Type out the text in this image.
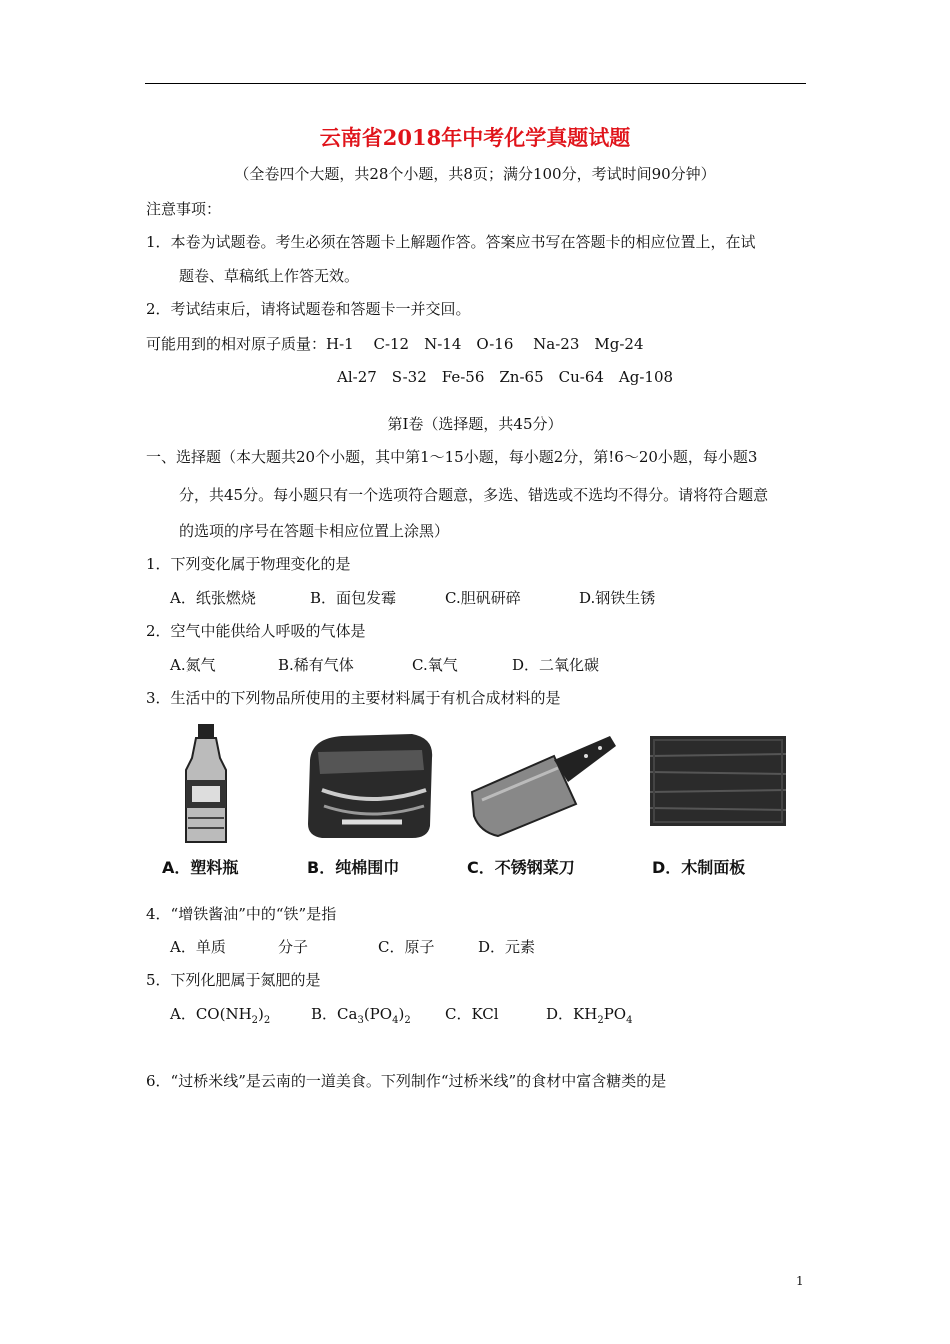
云南省2018年中考化学真题试题
（全卷四个大题，共28个小题，共8页；满分100分，考试时间90分钟）
注意事项：
1．本卷为试题卷。考生必须在答题卡上解题作答。答案应书写在答题卡的相应位置上，在试
题卷、草稿纸上作答无效。
2．考试结束后，请将试题卷和答题卡一并交回。
可能用到的相对原子质量：H-1　 C-12　N-14　O-16　 Na-23　Mg-24
Al-27　S-32　Fe-56　Zn-65　Cu-64　Ag-108
第Ⅰ卷（选择题，共45分）
一、选择题（本大题共20个小题，其中第1～15小题，每小题2分，第!6～20小题，每小题3
分，共45分。每小题只有一个选项符合题意，多选、错选或不选均不得分。请将符合题意
的选项的序号在答题卡相应位置上涂黑）
1．下列变化属于物理变化的是
A．纸张燃烧	B．面包发霉	C.胆矾研碎	D.钢铁生锈
2．空气中能供给人呼吸的气体是
A.氮气	B.稀有气体	C.氧气	D．二氧化碳
3．生活中的下列物品所使用的主要材料属于有机合成材料的是
A．塑料瓶	B．纯棉围巾	C．不锈钢菜刀	D．木制面板
4．“增铁酱油”中的“铁”是指
A．单质	分子	C．原子	D．元素
5．下列化肥属于氮肥的是
A．$CO(NH_2)_2$	B．$Ca_3(PO_4)_2$ C．KCl	D．$KH_2PO_4$
6．“过桥米线”是云南的一道美食。下列制作“过桥米线”的食材中富含糖类的是
1
